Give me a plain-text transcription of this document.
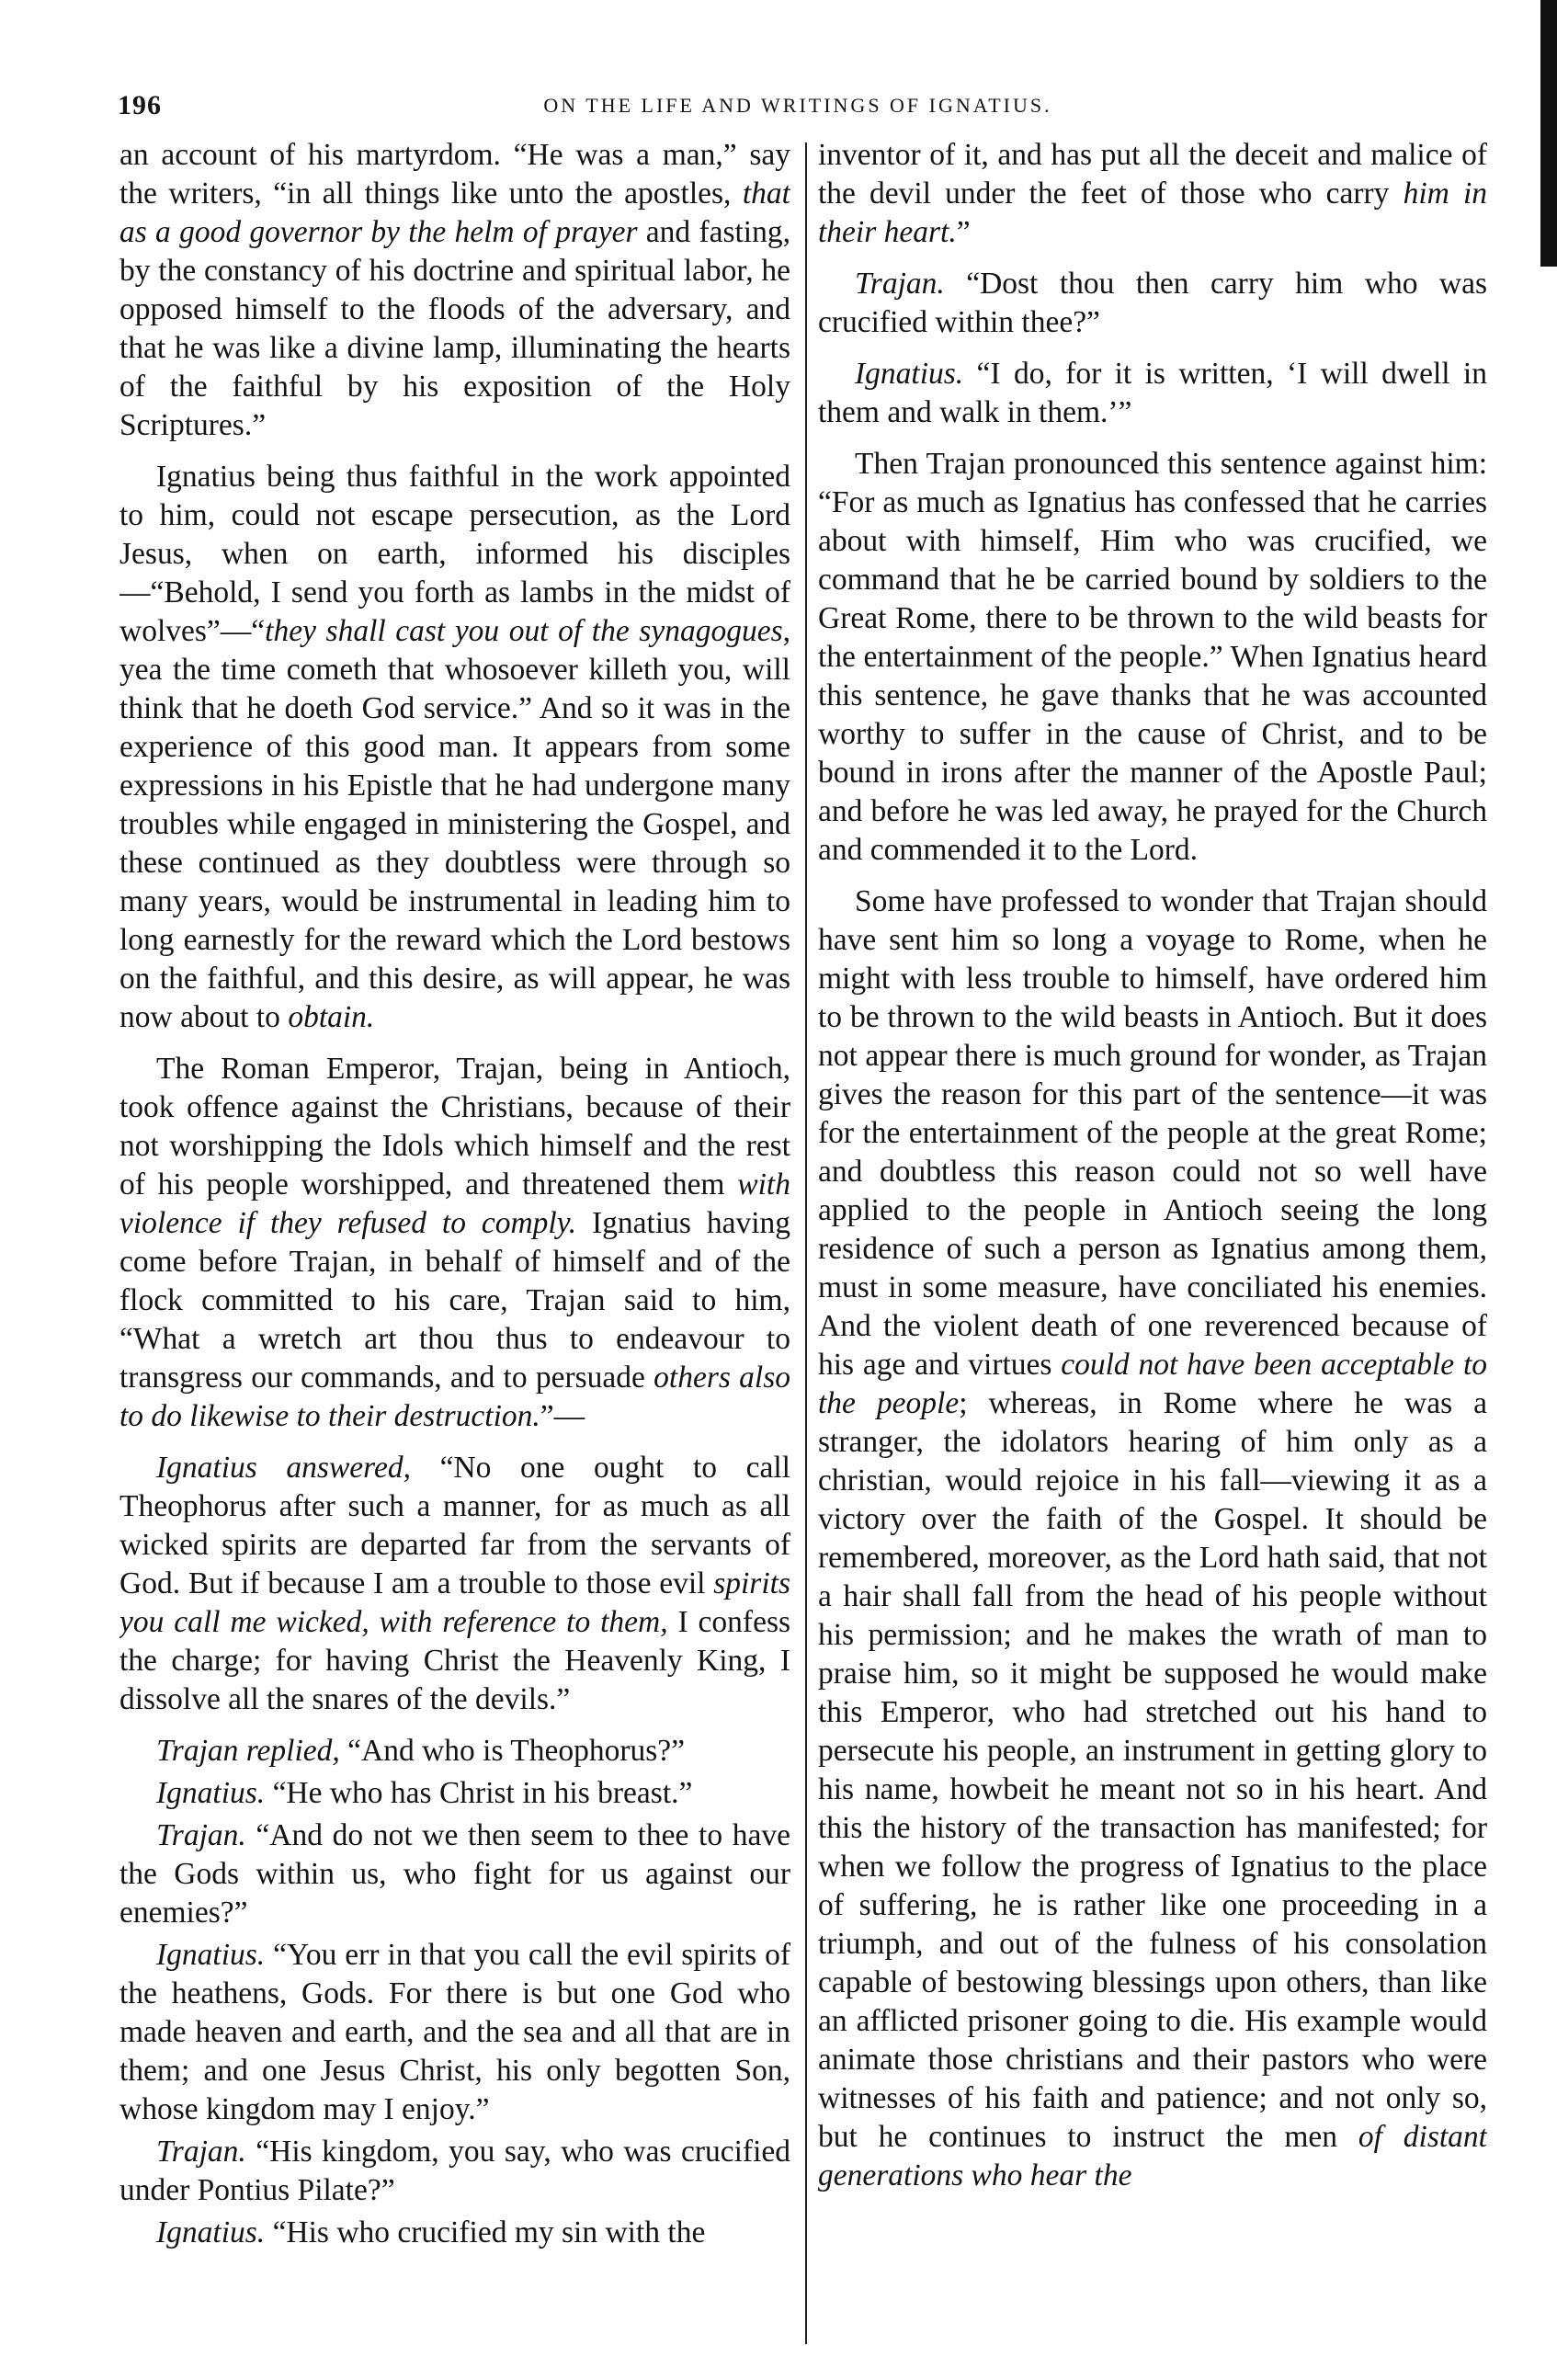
196	ON THE LIFE AND WRITINGS OF IGNATIUS.

an account of his martyrdom. “He was a man,” say the writers, “in all things like unto the apostles, that as a good governor by the helm of prayer and fasting, by the constancy of his doctrine and spiritual labor, he opposed himself to the floods of the adversary, and that he was like a divine lamp, illuminating the hearts of the faithful by his exposition of the Holy Scriptures.”

Ignatius being thus faithful in the work appointed to him, could not escape persecution, as the Lord Jesus, when on earth, informed his disciples—“Behold, I send you forth as lambs in the midst of wolves”—“they shall cast you out of the synagogues, yea the time cometh that whosoever killeth you, will think that he doeth God service.” And so it was in the experience of this good man. It appears from some expressions in his Epistle that he had undergone many troubles while engaged in ministering the Gospel, and these continued as they doubtless were through so many years, would be instrumental in leading him to long earnestly for the reward which the Lord bestows on the faithful, and this desire, as will appear, he was now about to obtain.

The Roman Emperor, Trajan, being in Antioch, took offence against the Christians, because of their not worshipping the Idols which himself and the rest of his people worshipped, and threatened them with violence if they refused to comply. Ignatius having come before Trajan, in behalf of himself and of the flock committed to his care, Trajan said to him, “What a wretch art thou thus to endeavour to transgress our commands, and to persuade others also to do likewise to their destruction.”—

Ignatius answered, “No one ought to call Theophorus after such a manner, for as much as all wicked spirits are departed far from the servants of God. But if because I am a trouble to those evil spirits you call me wicked, with reference to them, I confess the charge; for having Christ the Heavenly King, I dissolve all the snares of the devils.”

Trajan replied, “And who is Theophorus?”

Ignatius. “He who has Christ in his breast.”

Trajan. “And do not we then seem to thee to have the Gods within us, who fight for us against our enemies?”

Ignatius. “You err in that you call the evil spirits of the heathens, Gods. For there is but one God who made heaven and earth, and the sea and all that are in them; and one Jesus Christ, his only begotten Son, whose kingdom may I enjoy.”

Trajan. “His kingdom, you say, who was crucified under Pontius Pilate?”

Ignatius. “His who crucified my sin with the

inventor of it, and has put all the deceit and malice of the devil under the feet of those who carry him in their heart.”

Trajan. “Dost thou then carry him who was crucified within thee?”

Ignatius. “I do, for it is written, ‘I will dwell in them and walk in them.’”

Then Trajan pronounced this sentence against him: “For as much as Ignatius has confessed that he carries about with himself, Him who was crucified, we command that he be carried bound by soldiers to the Great Rome, there to be thrown to the wild beasts for the entertainment of the people.” When Ignatius heard this sentence, he gave thanks that he was accounted worthy to suffer in the cause of Christ, and to be bound in irons after the manner of the Apostle Paul; and before he was led away, he prayed for the Church and commended it to the Lord.

Some have professed to wonder that Trajan should have sent him so long a voyage to Rome, when he might with less trouble to himself, have ordered him to be thrown to the wild beasts in Antioch. But it does not appear there is much ground for wonder, as Trajan gives the reason for this part of the sentence—it was for the entertainment of the people at the great Rome; and doubtless this reason could not so well have applied to the people in Antioch seeing the long residence of such a person as Ignatius among them, must in some measure, have conciliated his enemies. And the violent death of one reverenced because of his age and virtues could not have been acceptable to the people; whereas, in Rome where he was a stranger, the idolators hearing of him only as a christian, would rejoice in his fall—viewing it as a victory over the faith of the Gospel. It should be remembered, moreover, as the Lord hath said, that not a hair shall fall from the head of his people without his permission; and he makes the wrath of man to praise him, so it might be supposed he would make this Emperor, who had stretched out his hand to persecute his people, an instrument in getting glory to his name, howbeit he meant not so in his heart. And this the history of the transaction has manifested; for when we follow the progress of Ignatius to the place of suffering, he is rather like one proceeding in a triumph, and out of the fulness of his consolation capable of bestowing blessings upon others, than like an afflicted prisoner going to die. His example would animate those christians and their pastors who were witnesses of his faith and patience; and not only so, but he continues to instruct the men of distant generations who hear the
